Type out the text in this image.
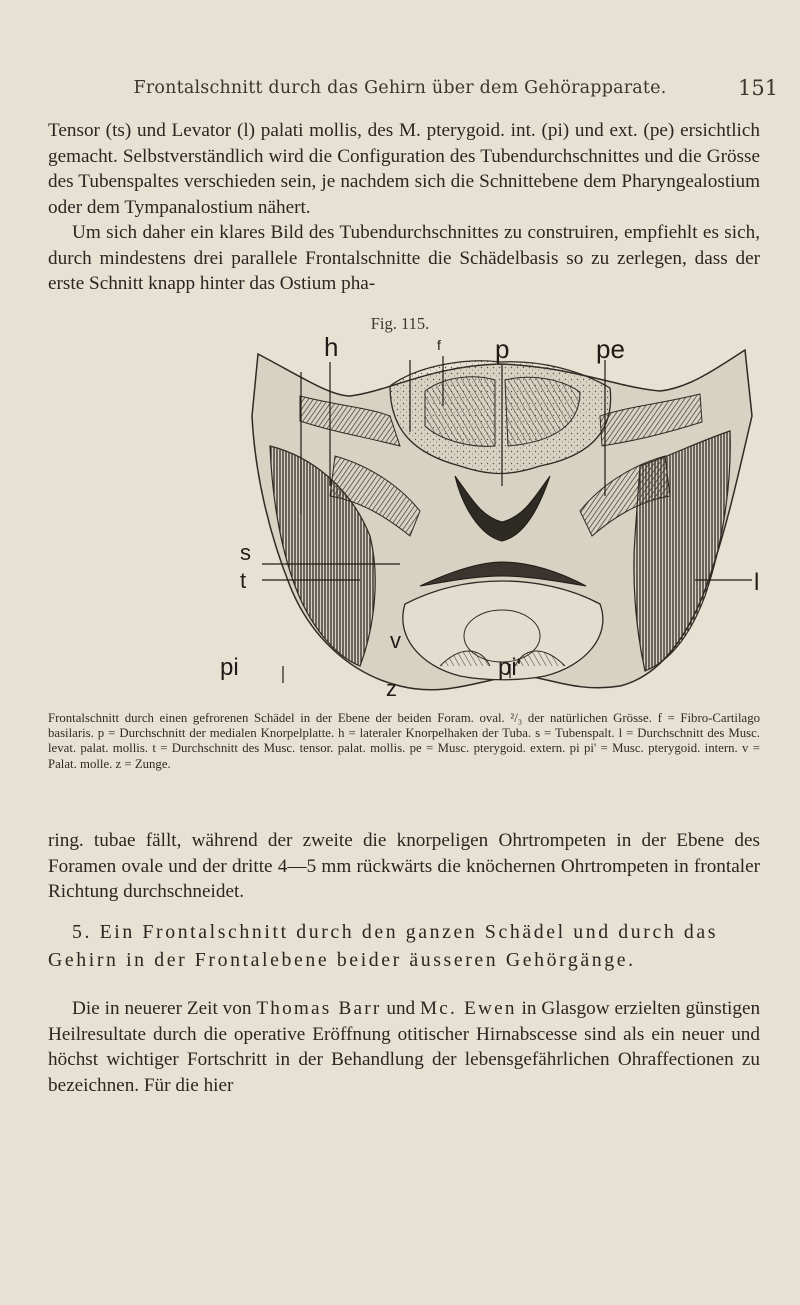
Frontalschnitt durch das Gehirn über dem Gehörapparate.	151

Tensor (ts) und Levator (l) palati mollis, des M. pterygoid. int. (pi) und ext. (pe) ersichtlich gemacht. Selbstverständlich wird die Configuration des Tubendurchschnittes und die Grösse des Tubenspaltes verschieden sein, je nachdem sich die Schnittebene dem Pharyngealostium oder dem Tympanalostium nähert.

Um sich daher ein klares Bild des Tubendurchschnittes zu construiren, empfiehlt es sich, durch mindestens drei parallele Frontalschnitte die Schädelbasis so zu zerlegen, dass der erste Schnitt knapp hinter das Ostium pha-

Fig. 115.
h	f p	pe
s
t	l
v
z
pi	pi'

Frontalschnitt durch einen gefrorenen Schädel in der Ebene der beiden Foram. oval. ²/₃ der natürlichen Grösse. f = Fibro-Cartilago basilaris. p = Durchschnitt der medialen Knorpelplatte. h = lateraler Knorpelhaken der Tuba. s = Tubenspalt. l = Durchschnitt des Musc. levat. palat. mollis. t = Durchschnitt des Musc. tensor. palat. mollis. pe = Musc. pterygoid. extern. pi pi' = Musc. pterygoid. intern. v = Palat. molle. z = Zunge.

ring. tubae fällt, während der zweite die knorpeligen Ohrtrompeten in der Ebene des Foramen ovale und der dritte 4—5 mm rückwärts die knöchernen Ohrtrompeten in frontaler Richtung durchschneidet.

5. Ein Frontalschnitt durch den ganzen Schädel und durch das Gehirn in der Frontalebene beider äusseren Gehörgänge.

Die in neuerer Zeit von Thomas Barr und Mc. Ewen in Glasgow erzielten günstigen Heilresultate durch die operative Eröffnung otitischer Hirnabscesse sind als ein neuer und höchst wichtiger Fortschritt in der Behandlung der lebensgefährlichen Ohraffectionen zu bezeichnen. Für die hier
